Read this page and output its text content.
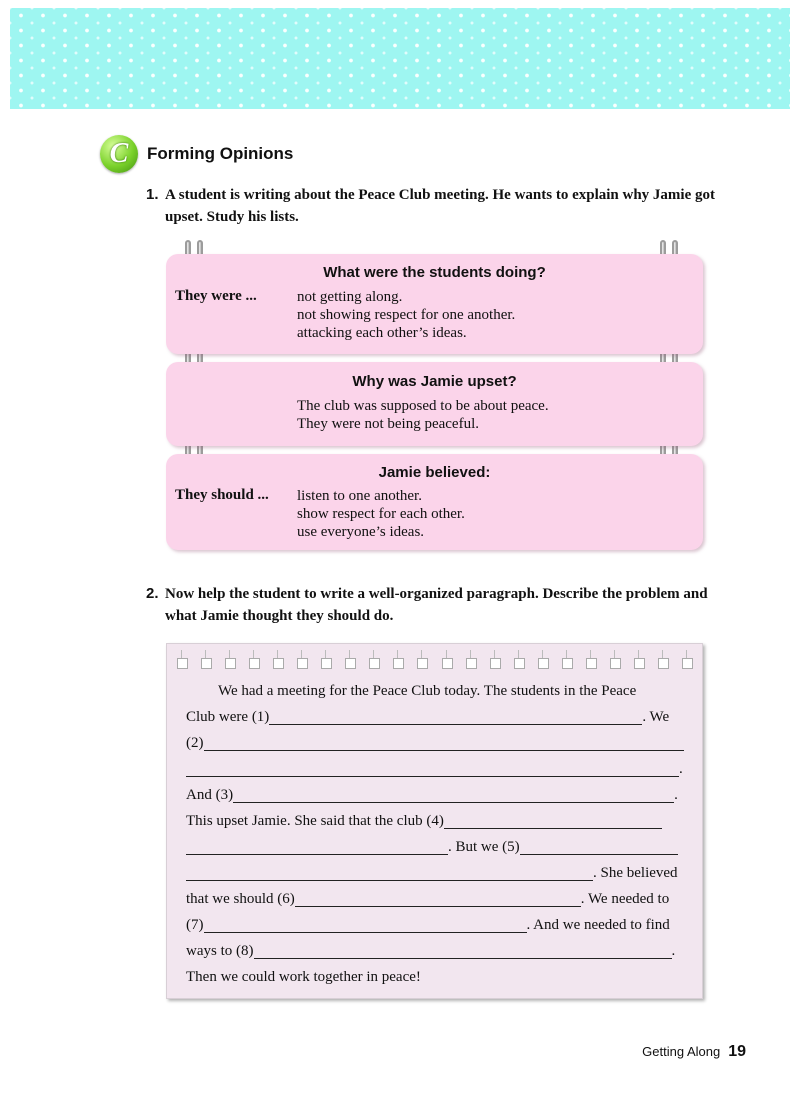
C	Forming Opinions
1. A student is writing about the Peace Club meeting. He wants to explain why Jamie got upset. Study his lists.
What were the students doing?
They were ...	not getting along.
not showing respect for one another.
attacking each other’s ideas.
Why was Jamie upset?
The club was supposed to be about peace.
They were not being peaceful.
Jamie believed:
They should ... listen to one another.
show respect for each other.
use everyone’s ideas.
2. Now help the student to write a well-organized paragraph. Describe the problem and what Jamie thought they should do.
We had a meeting for the Peace Club today. The students in the Peace
Club were (1)	. We
(2)
.
And (3)	.
This upset Jamie. She said that the club (4)
. But we (5)
. She believed
that we should (6)	. We needed to
(7)	. And we needed to find
ways to (8)	.
Then we could work together in peace!
Getting Along 19
